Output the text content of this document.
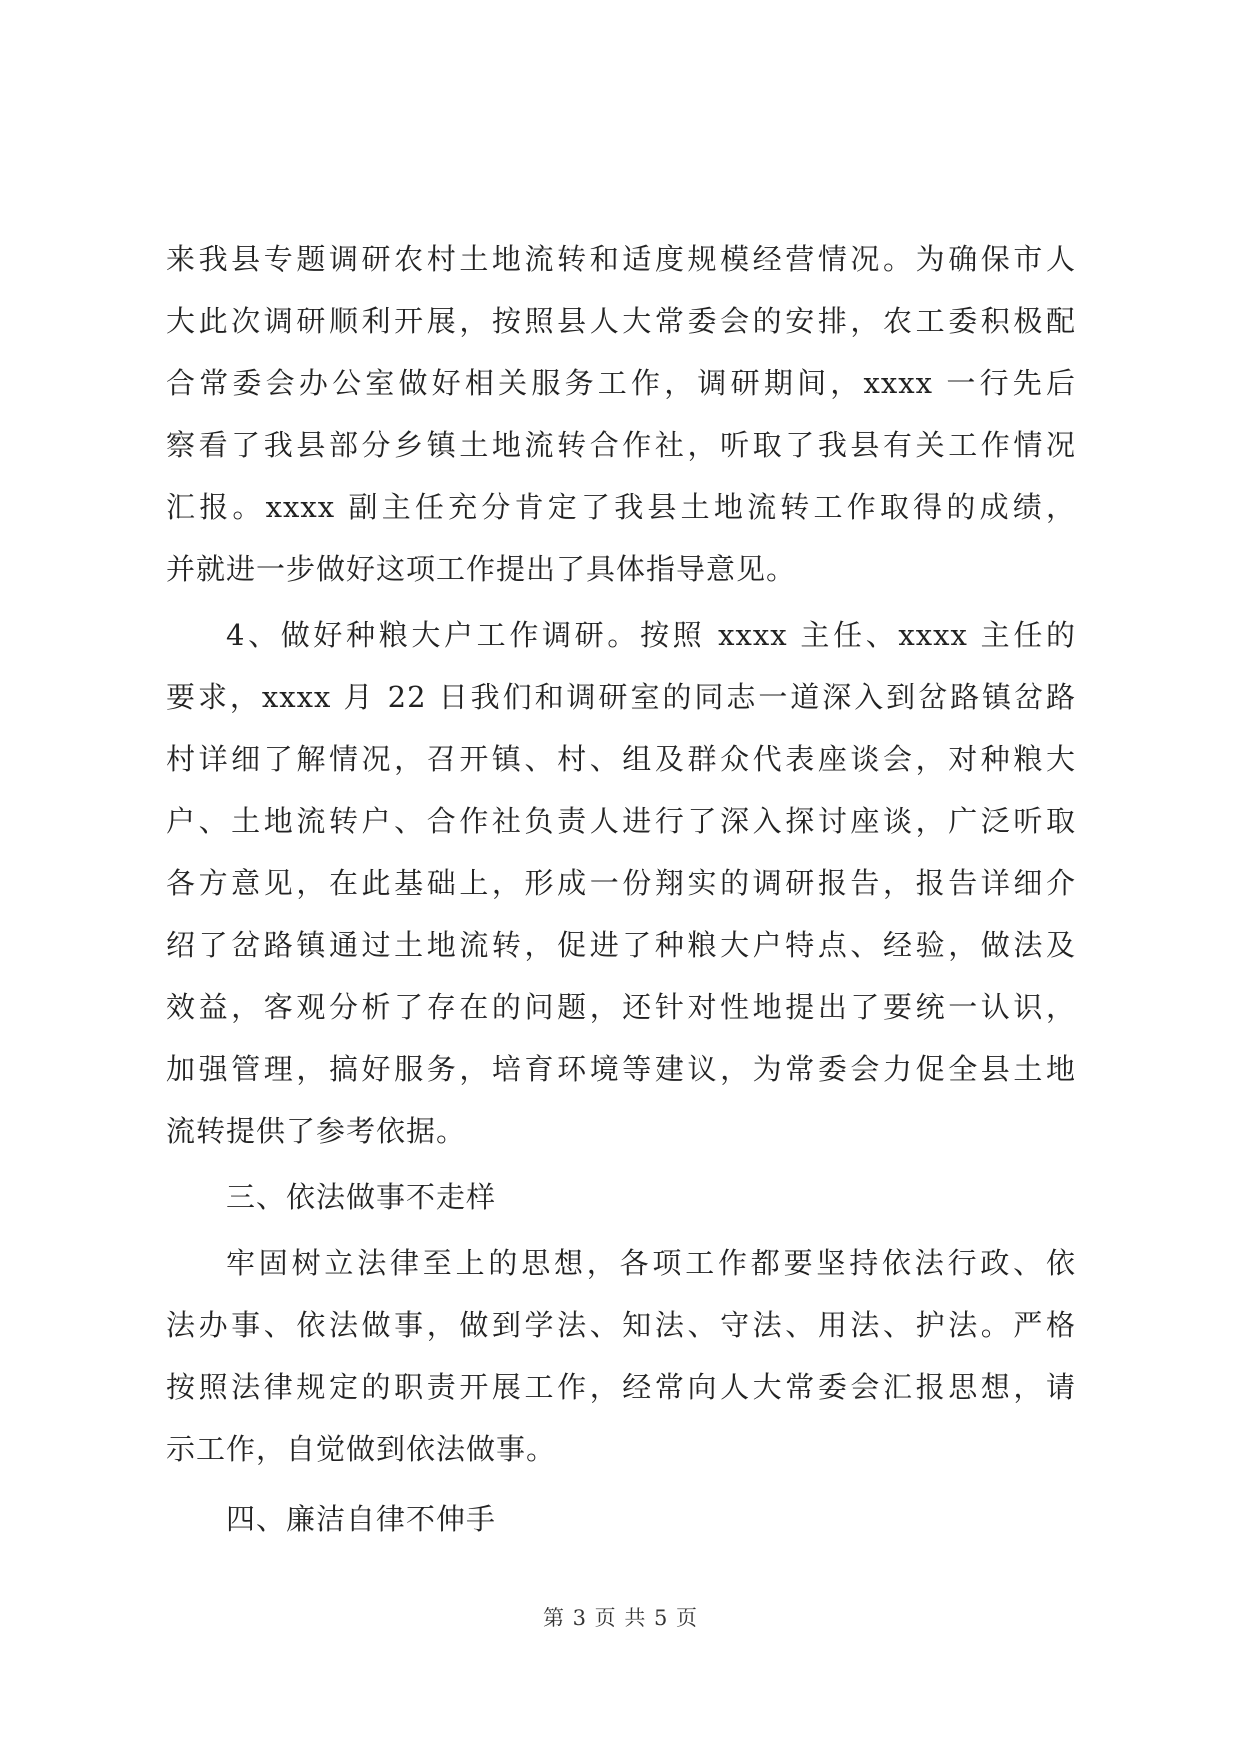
来我县专题调研农村土地流转和适度规模经营情况。为确保市人
大此次调研顺利开展，按照县人大常委会的安排，农工委积极配
合常委会办公室做好相关服务工作，调研期间，xxxx 一行先后
察看了我县部分乡镇土地流转合作社，听取了我县有关工作情况
汇报。xxxx 副主任充分肯定了我县土地流转工作取得的成绩，
并就进一步做好这项工作提出了具体指导意见。
4、做好种粮大户工作调研。按照 xxxx 主任、xxxx 主任的
要求，xxxx 月 22 日我们和调研室的同志一道深入到岔路镇岔路
村详细了解情况，召开镇、村、组及群众代表座谈会，对种粮大
户、土地流转户、合作社负责人进行了深入探讨座谈，广泛听取
各方意见，在此基础上，形成一份翔实的调研报告，报告详细介
绍了岔路镇通过土地流转，促进了种粮大户特点、经验，做法及
效益，客观分析了存在的问题，还针对性地提出了要统一认识，
加强管理，搞好服务，培育环境等建议，为常委会力促全县土地
流转提供了参考依据。
三、依法做事不走样
牢固树立法律至上的思想，各项工作都要坚持依法行政、依
法办事、依法做事，做到学法、知法、守法、用法、护法。严格
按照法律规定的职责开展工作，经常向人大常委会汇报思想，请
示工作，自觉做到依法做事。
四、廉洁自律不伸手
第 3 页 共 5 页
